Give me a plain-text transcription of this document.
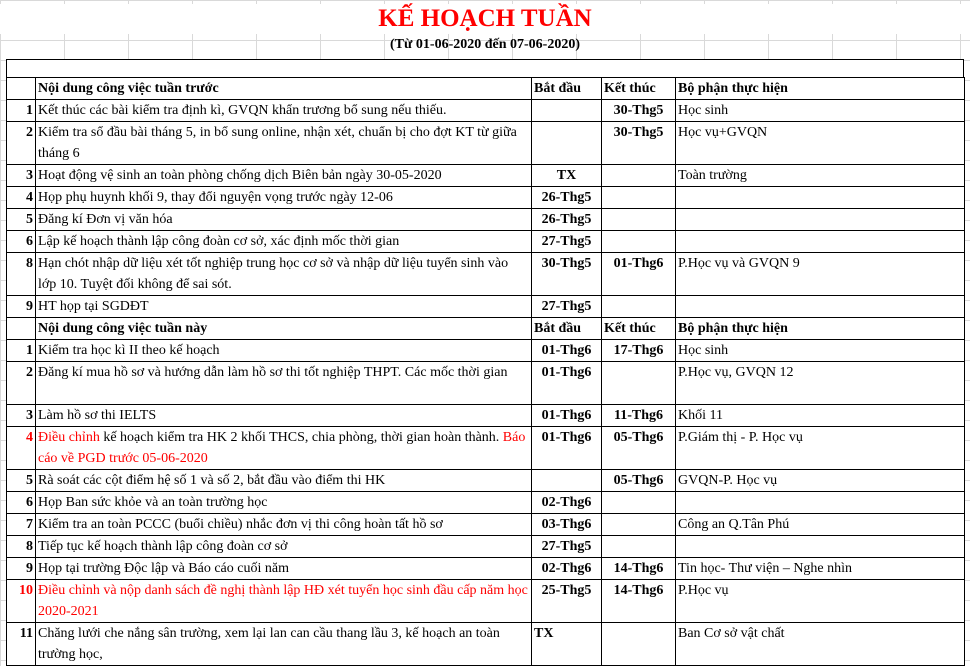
KẾ HOẠCH TUẦN
(Từ 01-06-2020 đến 07-06-2020)
	Nội dung công việc tuần trước	Bắt đầu	Kết thúc	Bộ phận thực hiện
1	Kết thúc các bài kiểm tra định kì, GVQN khẩn trương bổ sung nếu thiếu.		30-Thg5	Học sinh
2	Kiểm tra sổ đầu bài tháng 5, in bổ sung online, nhận xét, chuẩn bị cho đợt KT từ giữa tháng 6		30-Thg5	Học vụ+GVQN
3	Hoạt động vệ sinh an toàn phòng chống dịch Biên bản ngày 30-05-2020	TX		Toàn trường
4	Họp phụ huynh khối 9, thay đổi nguyện vọng trước ngày 12-06	26-Thg5		
5	Đăng kí Đơn vị văn hóa	26-Thg5		
6	Lập kế hoạch thành lập công đoàn cơ sở, xác định mốc thời gian	27-Thg5		
8	Hạn chót nhập dữ liệu xét tốt nghiệp trung học cơ sở và nhập dữ liệu tuyển sinh vào lớp 10. Tuyệt đối không để sai sót.	30-Thg5	01-Thg6	P.Học vụ và GVQN 9
9	HT họp tại SGDĐT	27-Thg5		
	Nội dung công việc tuần này	Bắt đầu	Kết thúc	Bộ phận thực hiện
1	Kiểm tra học kì II theo kế hoạch	01-Thg6	17-Thg6	Học sinh
2	Đăng kí mua hồ sơ và hướng dẫn làm hồ sơ thi tốt nghiệp THPT. Các mốc thời gian	01-Thg6		P.Học vụ, GVQN 12
3	Làm hồ sơ thi IELTS	01-Thg6	11-Thg6	Khối 11
4	Điều chỉnh kế hoạch kiểm tra HK 2 khối THCS, chia phòng, thời gian hoàn thành. Báo cáo về PGD trước 05-06-2020	01-Thg6	05-Thg6	P.Giám thị - P. Học vụ
5	Rà soát các cột điểm hệ số 1 và số 2, bắt đầu vào điểm thi HK		05-Thg6	GVQN-P. Học vụ
6	Họp Ban sức khỏe và an toàn trường học	02-Thg6		
7	Kiểm tra an toàn PCCC (buổi chiều) nhắc đơn vị thi công hoàn tất hồ sơ	03-Thg6		Công an Q.Tân Phú
8	Tiếp tục kế hoạch thành lập công đoàn cơ sở	27-Thg5		
9	Họp tại trường Độc lập và Báo cáo cuối năm	02-Thg6	14-Thg6	Tin học- Thư viện – Nghe nhìn
10	Điều chỉnh và nộp danh sách đề nghị thành lập HĐ xét tuyển học sinh đầu cấp năm học 2020-2021	25-Thg5	14-Thg6	P.Học vụ
11	Chăng lưới che nắng sân trường, xem lại lan can cầu thang lầu 3, kế hoạch an toàn trường học,	TX		Ban Cơ sở vật chất
